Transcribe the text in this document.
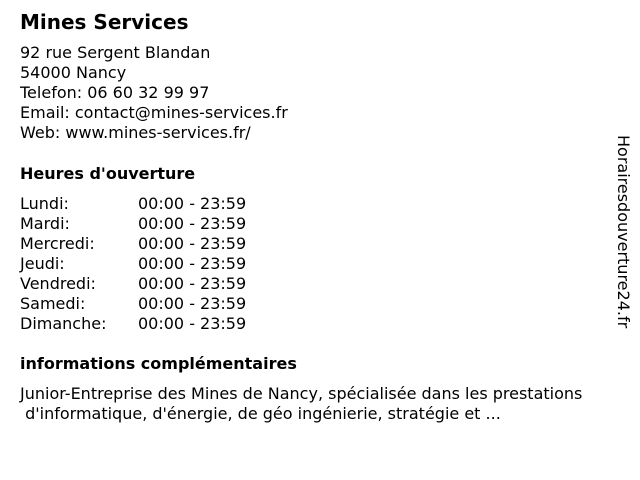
Mines Services
92 rue Sergent Blandan
54000 Nancy
Telefon: 06 60 32 99 97
Email: contact@mines-services.fr
Web: www.mines-services.fr/
Heures d'ouverture
Lundi:	00:00 - 23:59
Mardi:	00:00 - 23:59
Mercredi:	00:00 - 23:59
Jeudi:	00:00 - 23:59
Vendredi:	00:00 - 23:59
Samedi:	00:00 - 23:59
Dimanche:	00:00 - 23:59
informations complémentaires
Junior-Entreprise des Mines de Nancy, spécialisée dans les prestations
d'informatique, d'énergie, de géo ingénierie, stratégie et ...
Horairesdouverture24.fr
